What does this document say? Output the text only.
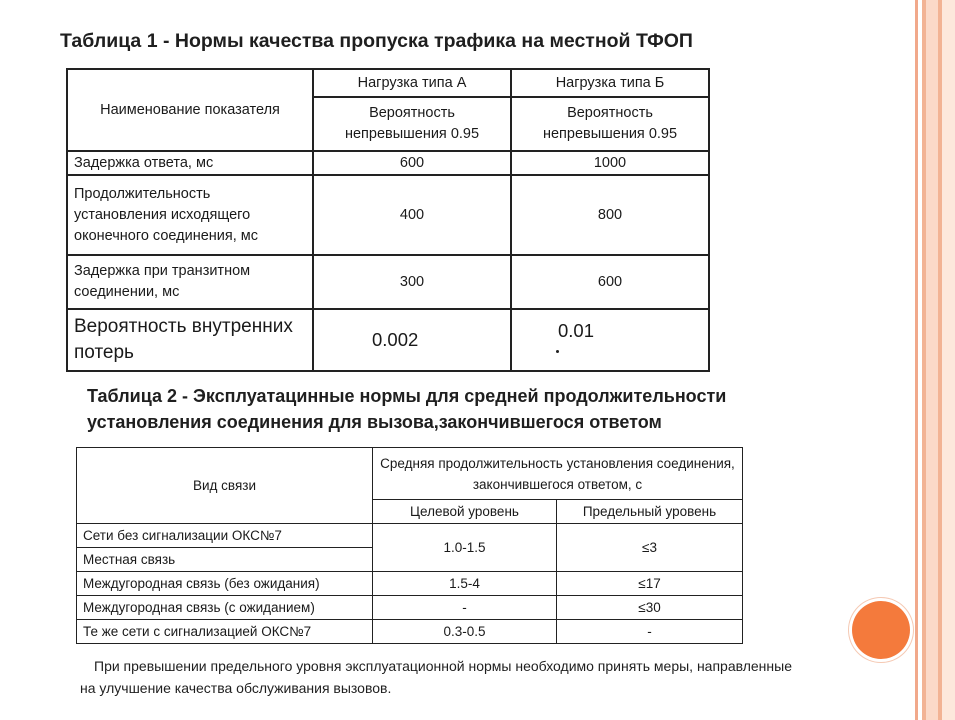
Таблица 1 - Нормы качества пропуска трафика на местной ТФОП
Наименование показателя	Нагрузка типа А	Нагрузка типа Б
	Вероятность непревышения 0.95	Вероятность непревышения 0.95
Задержка ответа, мс	600	1000
Продолжительность установления исходящего оконечного соединения, мс	400	800
Задержка при транзитном соединении, мс	300	600
Вероятность внутренних потерь	0.002	0.01
Таблица 2 - Эксплуатацинные нормы для средней продолжительности установления соединения для вызова,закончившегося ответом
Вид связи	Средняя продолжительность установления соединения, закончившегося ответом, с	
	Целевой уровень	Предельный уровень
Сети без сигнализации ОКС№7	1.0-1.5	≤3
Местная связь		
Междугородная связь (без ожидания)	1.5-4	≤17
Междугородная связь (с ожиданием)	-	≤30
Те же сети с сигнализацией ОКС№7	0.3-0.5	-
При превышении предельного уровня эксплуатационной нормы необходимо принять меры, направленные на улучшение качества обслуживания вызовов.
